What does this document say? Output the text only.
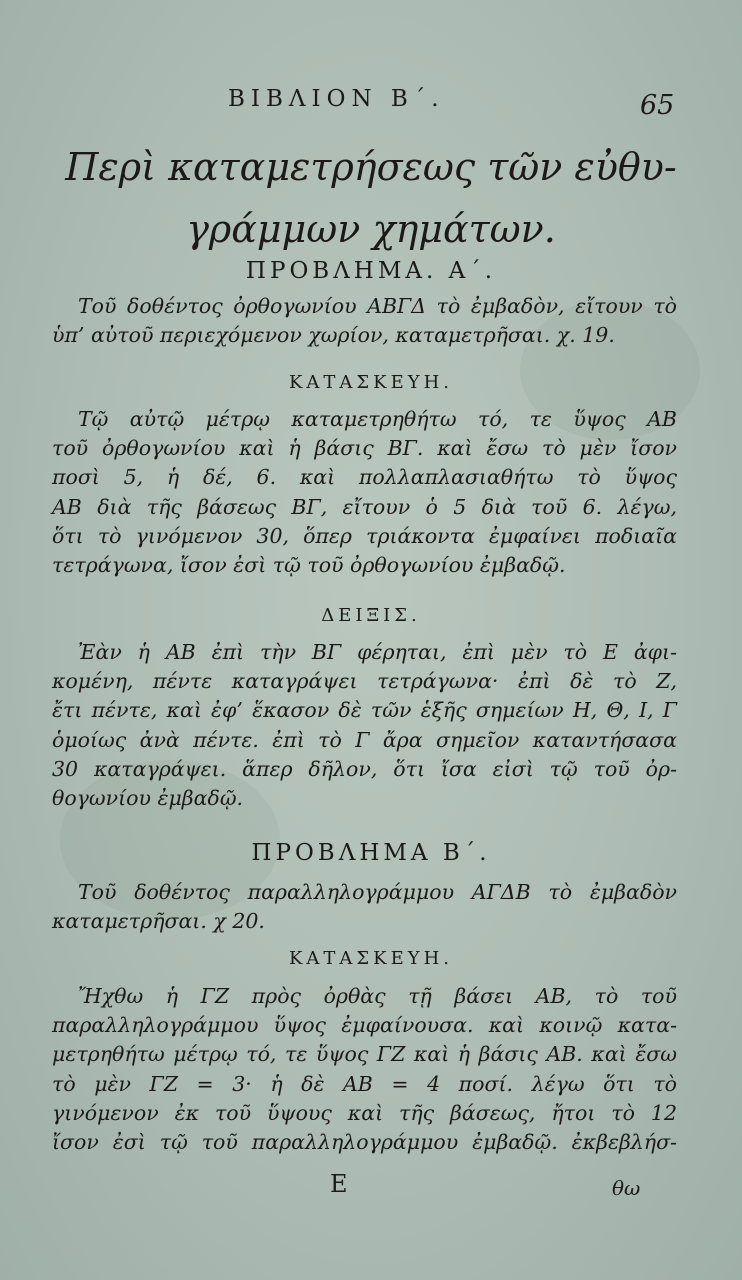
ΒΙΒΛΙΟΝ Β΄.	65
Περὶ καταμετρήσεως τῶν εὐθυ-
γράμμων χημάτων.
ΠΡΟΒΛΗΜΑ. Α΄.
Τοῦ δοθέντος ὀρθογωνίου ΑΒΓΔ τὸ ἐμβαδὸν, εἴτουν τὸ
ὑπ’ αὐτοῦ περιεχόμενον χωρίον, καταμετρῆσαι. χ. 19.
ΚΑΤΑΣΚΕΥΗ.
Τῷ αὐτῷ μέτρῳ καταμετρηθήτω τό, τε ὕψος ΑΒ
τοῦ ὀρθογωνίου καὶ ἡ βάσις ΒΓ. καὶ ἔσω τὸ μὲν ἴσον
ποσὶ 5, ἡ δέ, 6. καὶ πολλαπλασιαθήτω τὸ ὕψος
ΑΒ διὰ τῆς βάσεως ΒΓ, εἴτουν ὁ 5 διὰ τοῦ 6. λέγω,
ὅτι τὸ γινόμενον 30, ὅπερ τριάκοντα ἐμφαίνει ποδιαῖα
τετράγωνα, ἴσον ἐσὶ τῷ τοῦ ὀρθογωνίου ἐμβαδῷ.
ΔΕΙΞΙΣ.
Ἐὰν ἡ ΑΒ ἐπὶ τὴν ΒΓ φέρηται, ἐπὶ μὲν τὸ Ε ἀφι-
κομένη, πέντε καταγράψει τετράγωνα· ἐπὶ δὲ τὸ Ζ,
ἔτι πέντε, καὶ ἐφ’ ἕκασον δὲ τῶν ἑξῆς σημείων Η, Θ, Ι, Γ
ὁμοίως ἀνὰ πέντε. ἐπὶ τὸ Γ ἄρα σημεῖον καταντήσασα
30 καταγράψει. ἅπερ δῆλον, ὅτι ἴσα εἰσὶ τῷ τοῦ ὀρ-
θογωνίου ἐμβαδῷ.
ΠΡΟΒΛΗΜΑ Β΄.
Τοῦ δοθέντος παραλληλογράμμου ΑΓΔΒ τὸ ἐμβαδὸν
καταμετρῆσαι. χ 20.
ΚΑΤΑΣΚΕΥΗ.
Ἤχθω ἡ ΓΖ πρὸς ὀρθὰς τῇ βάσει ΑΒ, τὸ τοῦ
παραλληλογράμμου ὕψος ἐμφαίνουσα. καὶ κοινῷ κατα-
μετρηθήτω μέτρῳ τό, τε ὕψος ΓΖ καὶ ἡ βάσις ΑΒ. καὶ ἔσω
τὸ μὲν ΓΖ = 3· ἡ δὲ ΑΒ = 4 ποσί. λέγω ὅτι τὸ
γινόμενον ἐκ τοῦ ὕψους καὶ τῆς βάσεως, ἤτοι τὸ 12
ἴσον ἐσὶ τῷ τοῦ παραλληλογράμμου ἐμβαδῷ. ἐκβεβλήσ-
Ε	θω
